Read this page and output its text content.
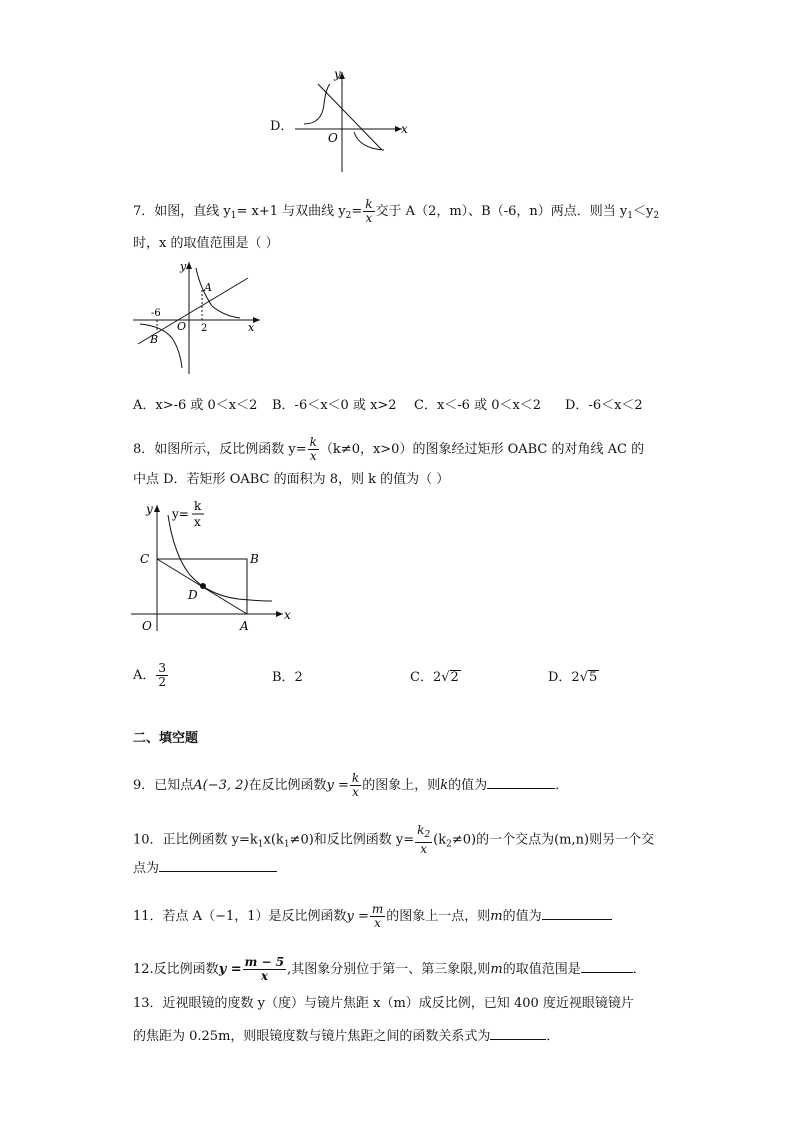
D．
y
x
O
7．如图，直线 $y_1= x+1$ 与双曲线 $y_2= \frac{k}{x}$ 交于 A（2，m）、B（-6，n）两点．则当 $y_1<y_2$
时，x 的取值范围是（ ）
y
x
O
A
B
-6
2
A．x>-6 或 0＜x＜2 B．-6＜x＜0 或 x>2 C．x＜-6 或 0＜x＜2 D．-6＜x＜2
8．如图所示，反比例函数 $y= \frac{k}{x} (k\ne 0$，x>0）的图象经过矩形 OABC 的对角线 AC 的
中点 D．若矩形 OABC 的面积为 8，则 k 的值为（ ）
y y=
k
x
C	B
D
O	A
x
A． $\frac{3}{2}$	B．2	C．2√2	D．2√5
二、填空题
9．已知点A(−3, 2)在反比例函数$y = \frac{k}{x}$ 的图象上，则k的值为	．
10．正比例函数 $y=k_1x(k_1\ne 0)$和反比例函数 $y= \frac{k_2}{x} (k_2\ne 0)$的一个交点为(m,n)则另一个交
点为
11．若点 A（−1，1）是反比例函数$y = \frac{m}{x}$ 的图象上一点，则m的值为
12.反比例函数$y = \frac{m - 5}{x}$ ,其图象分别位于第一、第三象限,则m的取值范围是	．
13．近视眼镜的度数 y（度）与镜片焦距 x（m）成反比例，已知 400 度近视眼镜镜片
的焦距为 0.25m，则眼镜度数与镜片焦距之间的函数关系式为	．
